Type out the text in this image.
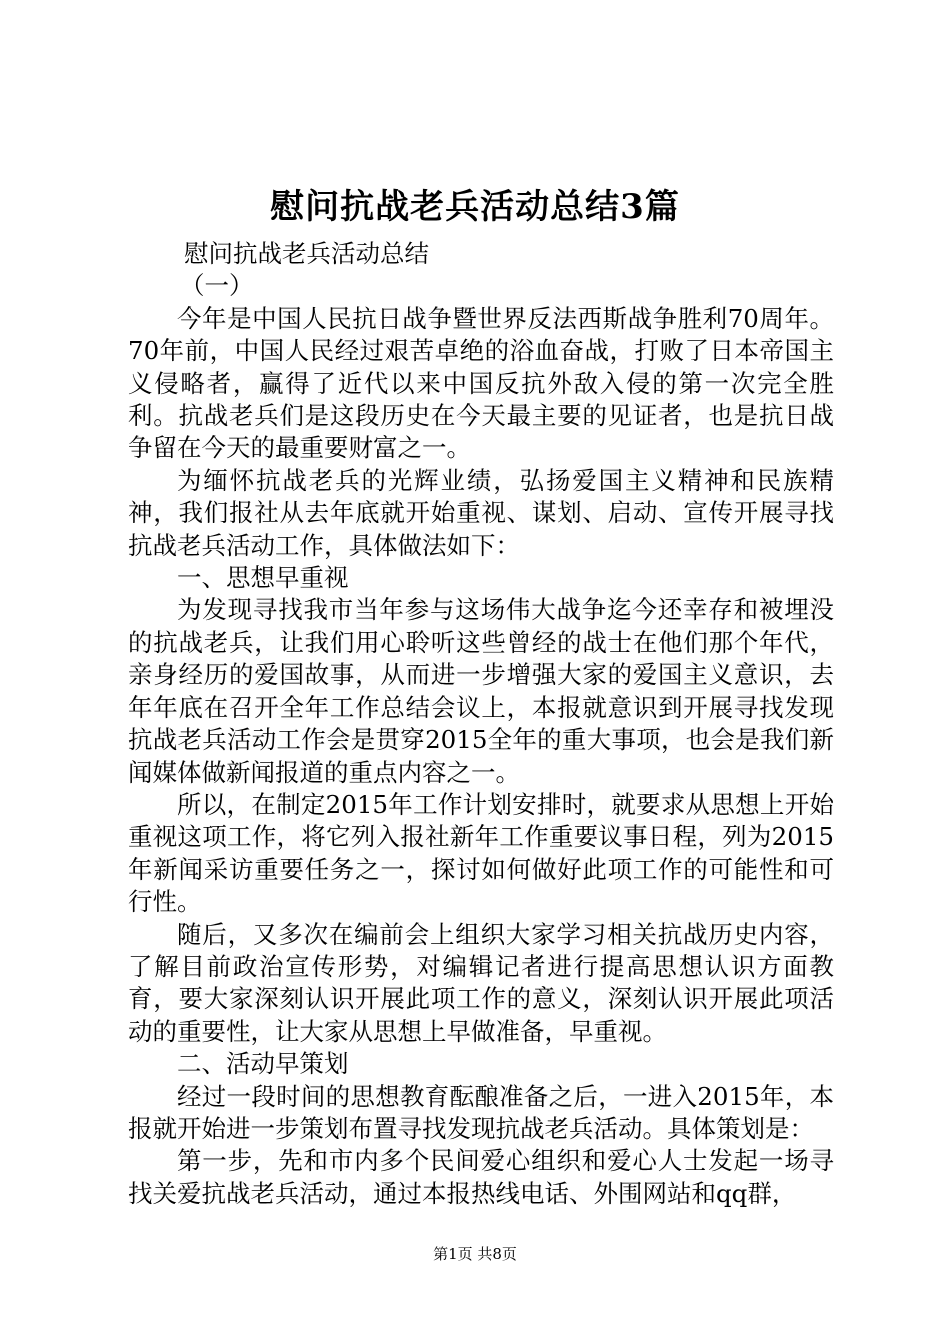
慰问抗战老兵活动总结3篇
慰问抗战老兵活动总结
（一）

今年是中国人民抗日战争暨世界反法西斯战争胜利70周年。70年前，中国人民经过艰苦卓绝的浴血奋战，打败了日本帝国主义侵略者，赢得了近代以来中国反抗外敌入侵的第一次完全胜利。抗战老兵们是这段历史在今天最主要的见证者，也是抗日战争留在今天的最重要财富之一。

为缅怀抗战老兵的光辉业绩，弘扬爱国主义精神和民族精神，我们报社从去年底就开始重视、谋划、启动、宣传开展寻找抗战老兵活动工作，具体做法如下：

一、思想早重视

为发现寻找我市当年参与这场伟大战争迄今还幸存和被埋没的抗战老兵，让我们用心聆听这些曾经的战士在他们那个年代，亲身经历的爱国故事，从而进一步增强大家的爱国主义意识，去年年底在召开全年工作总结会议上，本报就意识到开展寻找发现抗战老兵活动工作会是贯穿2015全年的重大事项，也会是我们新闻媒体做新闻报道的重点内容之一。

所以，在制定2015年工作计划安排时，就要求从思想上开始重视这项工作，将它列入报社新年工作重要议事日程，列为2015年新闻采访重要任务之一，探讨如何做好此项工作的可能性和可行性。

随后，又多次在编前会上组织大家学习相关抗战历史内容，了解目前政治宣传形势，对编辑记者进行提高思想认识方面教育，要大家深刻认识开展此项工作的意义，深刻认识开展此项活动的重要性，让大家从思想上早做准备，早重视。

二、活动早策划

经过一段时间的思想教育酝酿准备之后，一进入2015年，本报就开始进一步策划布置寻找发现抗战老兵活动。具体策划是：

第一步，先和市内多个民间爱心组织和爱心人士发起一场寻找关爱抗战老兵活动，通过本报热线电话、外围网站和qq群，

第1页 共8页
